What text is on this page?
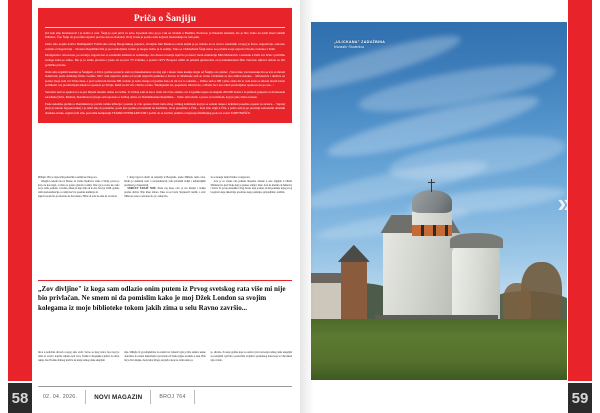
58
Priča o Šanjiju

Od tada smo Krsmanović i ja stalno u vezi. Šanji je opet priča za sebe. Upoznali smo ga ja i sin na citadeli u Budimu. Prodavao je Pekabeti sladoled, što je bilo vidno na tendi iznad velikih frižidera. Čuo Šanji da govorimo srpski i pozvao nas na sladoled. Ovaj čovek je postao naše najveće iznenađenje na tom putu.

Zašto smo uopšte došli u Budimpeštu? Pratili smo starog Beogradskog papanca, Jevrejina čika Benka na avion kojim je po trebalo da se vrati u Australiju u kojoj je živeo. Jugoslavija, odnosno ostatak od Jugoslavije – Savezna Republika bila je pod sankcijama i nisko je mogao bežao je iz zemlje. Tako se i Kikinđanin Šanji našao na početku svoje najveće životne avanture u Pešti.

Inteligentan i obrazovan, po sećanju, Jugosloven sa urođenim umišom za snalaženje, dva meseca kasnije ispričao je meni i mom snimatelju Miši Miloševiću o kamenu u Pešti sve lične i političke razloge zašto je otišao. Bio je to toliko precizno i jasno da su prvo TV Politika, a potom i RTV Beograd odbili da prikažu gledaocima ovaj dokumentarni film. Naravno njihovi razlozi su bili političke prirode.

Onda smo izgubili kontakt sa Šanjijem, a 2014. godine postavio sam taj dokumentarac na moj sajt i mesec dana kasnije stiglo od Šanjija ovo pismo: „Verovatno vas interesuje šta se sve sa mnom izdešavalo posle snimanja filma. Godine 1997. sam napravio jednu od svojih najvećih greškaka u životu. Iz Mađarske sam se vratio u Kikindu sa oko milion maraka… Miloševiću i društvu uz pomoć moje tada već bivše žene, a pod vodstvom čuvene DB, trebalo je nešto manje od godinu dana da mi sve to oduzme… Otišao sam u DB i pitao zašto mi to rade kada se nikada nisam bavio politikom i ne predstavljam nikakvu opasnost po Srbiju. Rekli su mi vrlo cinično ovako: 'Inteligentni ste, popularni, imućni ste, a Mađar ste i kao takvi potencijalna opasnost ste po nas…'

Sutradan sam se spakovao i sa par hiljada maraka otišao za Grčku. U Grčkoj sam se kao i uvek vrlo brzo snašao i za tri godine uspeo da skupim 200.000 dolara i sa jednom grupom od dvadesetak saradnika (Srba, Mađara, Skandinavaca) koje sam upoznao u Grčkoj otišao za Dominikansku Republiku… Tamo sam uložio u posao sa turizmom, koji je jako dobro krenuo.

Posle nekoliko godina u Dominikani je počela velika inflacija i postalo je vrlo opasno živeti tamo zbog velikog kriminala koji je sa sobom doneo i kriminal posebno opasan za strance… Suprug (koji je takođe Jugoslovenka) i ja rešili smo da predemo, posle šest godina provedenih na Karibima, da se preselimo u Čile… Kad smo stigli u Čile, a pošto sam ja po profesiji samostalni umetnik dramske struke, registrovali smo pozorištu kompaniju TEATRO INTERARTCOM i počeli da se bavimo jednim od najveprofitabilnijeg posla na svetu: UMETNOŠĆU.

Mihajlo. Bio je trgovački pomoćnik u radnji kod mog oca.

Izbeglica tokom rata iz Bosne, za vreme Nedićeve vlade u Srbiji, počeo je kod oca kao šegrt, a ubrzo je postao glavni u radnji. Otac ga je voleo kao sina jer je radio pošteno i vredno, nikad se nije žalio ni na šta. Kad je 1948. godine došla nacionalizacija, u radnji doći će posebna komisija da

napravi popis šta je zatečeno na licu mesta. Ništa od robe ne sme da se iznosi.

I drugi trgovci odveli su prijatelji iz Beograda, preko Mihajla, nešto robe. Radio je domaćin vesti o nacionalizaciji svih privatnih radnji i industrijskih preduzeća u Jugoslaviji.

STRIČEV ZANAT NIJE. Posle tog dana, otac je sve imanje i radnju predao državi. Nije imao izbora. Tako su se braća Stojanović razišli, a stric Milan je ostao u selu kao što je i ranije bio.

su se kolege željni čitalice i razgovora.

Joca je za vreme rata jednom mesečno odlazio u selo Jagnjilo u blizini Mladenovca kod Stoke koji je prekao rakiju i imao Joca na maleni od šumarica i bratii. To je bio nesuđaki i drag čovek, koji je imao da mi poklanja kojeg svog bogatstva koje nikad nije prodavao nego poklanjao prijateljima i rodbini.

„Zov divljine" iz koga sam odlazio onim putem iz Prvog svetskog rata više mi nije bio privlačan. Ne smem ni da pomislim kako je moj Džek London sa svojim kolegama iz moje biblioteke tokom jakih zima u selu Ravno završio...

linca u kolicima ulicom a kojoj smo sveli. Sećao se mog strica Joce koji je radio sa ocem i najviše odlazio kod Joca, Tomše u Kopajnke Ljubice na ulicu rakija. Kod Tomše zbitnog krečića na kraju radnog dana okupljali

nije, Mihajlo bi ga subjektivno na stanici na Čukarici gde je bila stanica usune delovnice da ostalo nakretnam u posvratio od Stoke stigao urođeno u stan. Bila im je živa majka, moja baba Draga, krojačica koje se svim samo po

je, shvatio. Za koje godine koje su ostali u jača na kraju radnog dana okupljali se pozajmili i pričali o poslovima svojim iz predratnog doba koje se više nikad nije vratilo.

02. 04. 2026.	NOVI MAGAZIN	BROJ 764
„ULICKANA" ZADUŽBINA
Manastir Studenica
»
59
